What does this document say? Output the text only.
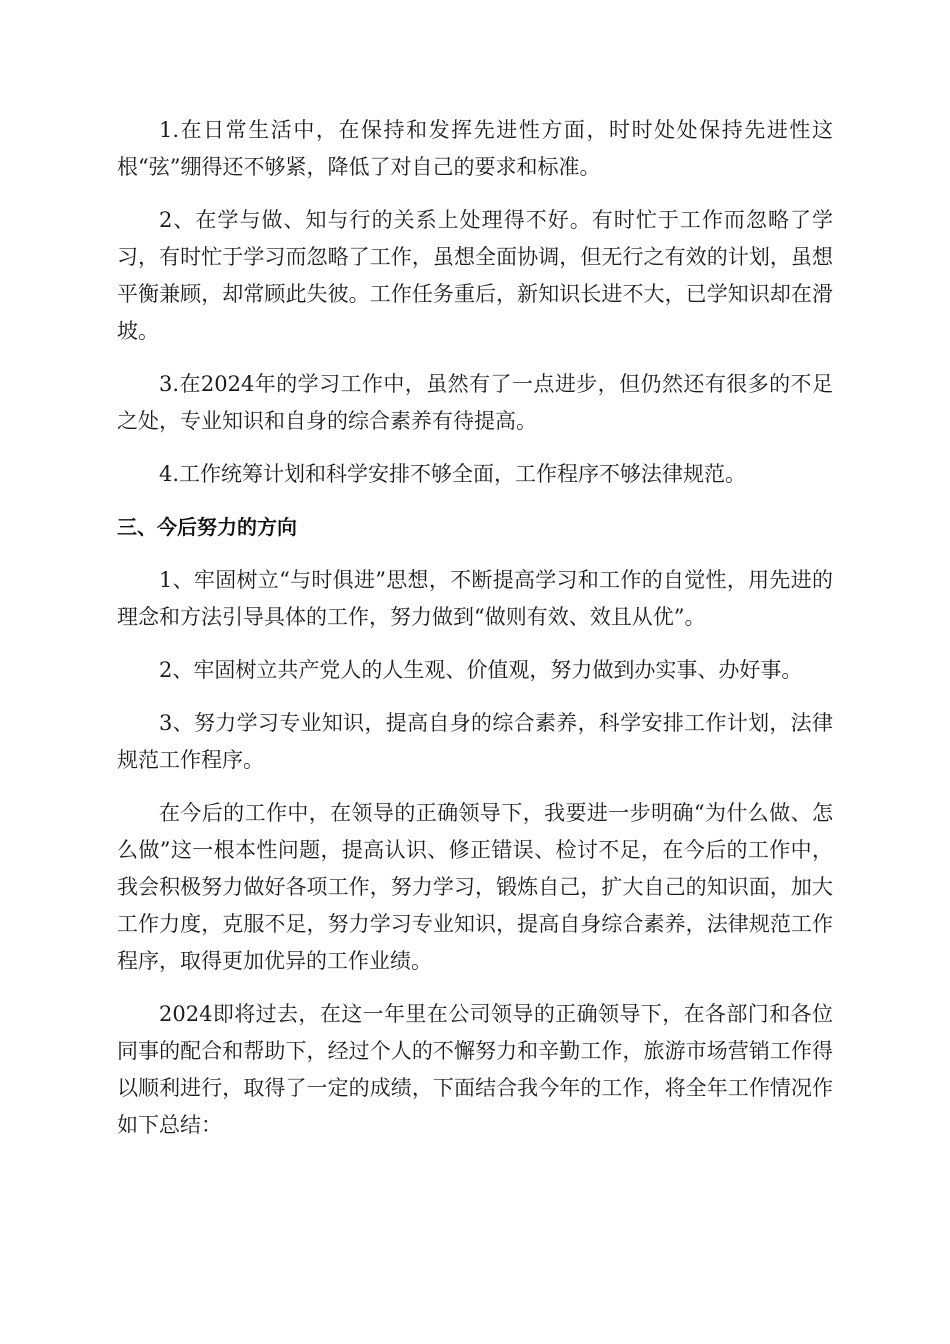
1.在日常生活中，在保持和发挥先进性方面，时时处处保持先进性这根“弦”绷得还不够紧，降低了对自己的要求和标准。

2、在学与做、知与行的关系上处理得不好。有时忙于工作而忽略了学习，有时忙于学习而忽略了工作，虽想全面协调，但无行之有效的计划，虽想平衡兼顾，却常顾此失彼。工作任务重后，新知识长进不大，已学知识却在滑坡。

3.在2024年的学习工作中，虽然有了一点进步，但仍然还有很多的不足之处，专业知识和自身的综合素养有待提高。

4.工作统筹计划和科学安排不够全面，工作程序不够法律规范。

三、今后努力的方向

1、牢固树立“与时俱进”思想，不断提高学习和工作的自觉性，用先进的理念和方法引导具体的工作，努力做到“做则有效、效且从优”。

2、牢固树立共产党人的人生观、价值观，努力做到办实事、办好事。

3、努力学习专业知识，提高自身的综合素养，科学安排工作计划，法律规范工作程序。

在今后的工作中，在领导的正确领导下，我要进一步明确“为什么做、怎么做”这一根本性问题，提高认识、修正错误、检讨不足，在今后的工作中，我会积极努力做好各项工作，努力学习，锻炼自己，扩大自己的知识面，加大工作力度，克服不足，努力学习专业知识，提高自身综合素养，法律规范工作程序，取得更加优异的工作业绩。

2024即将过去，在这一年里在公司领导的正确领导下，在各部门和各位同事的配合和帮助下，经过个人的不懈努力和辛勤工作，旅游市场营销工作得以顺利进行，取得了一定的成绩，下面结合我今年的工作，将全年工作情况作如下总结：
